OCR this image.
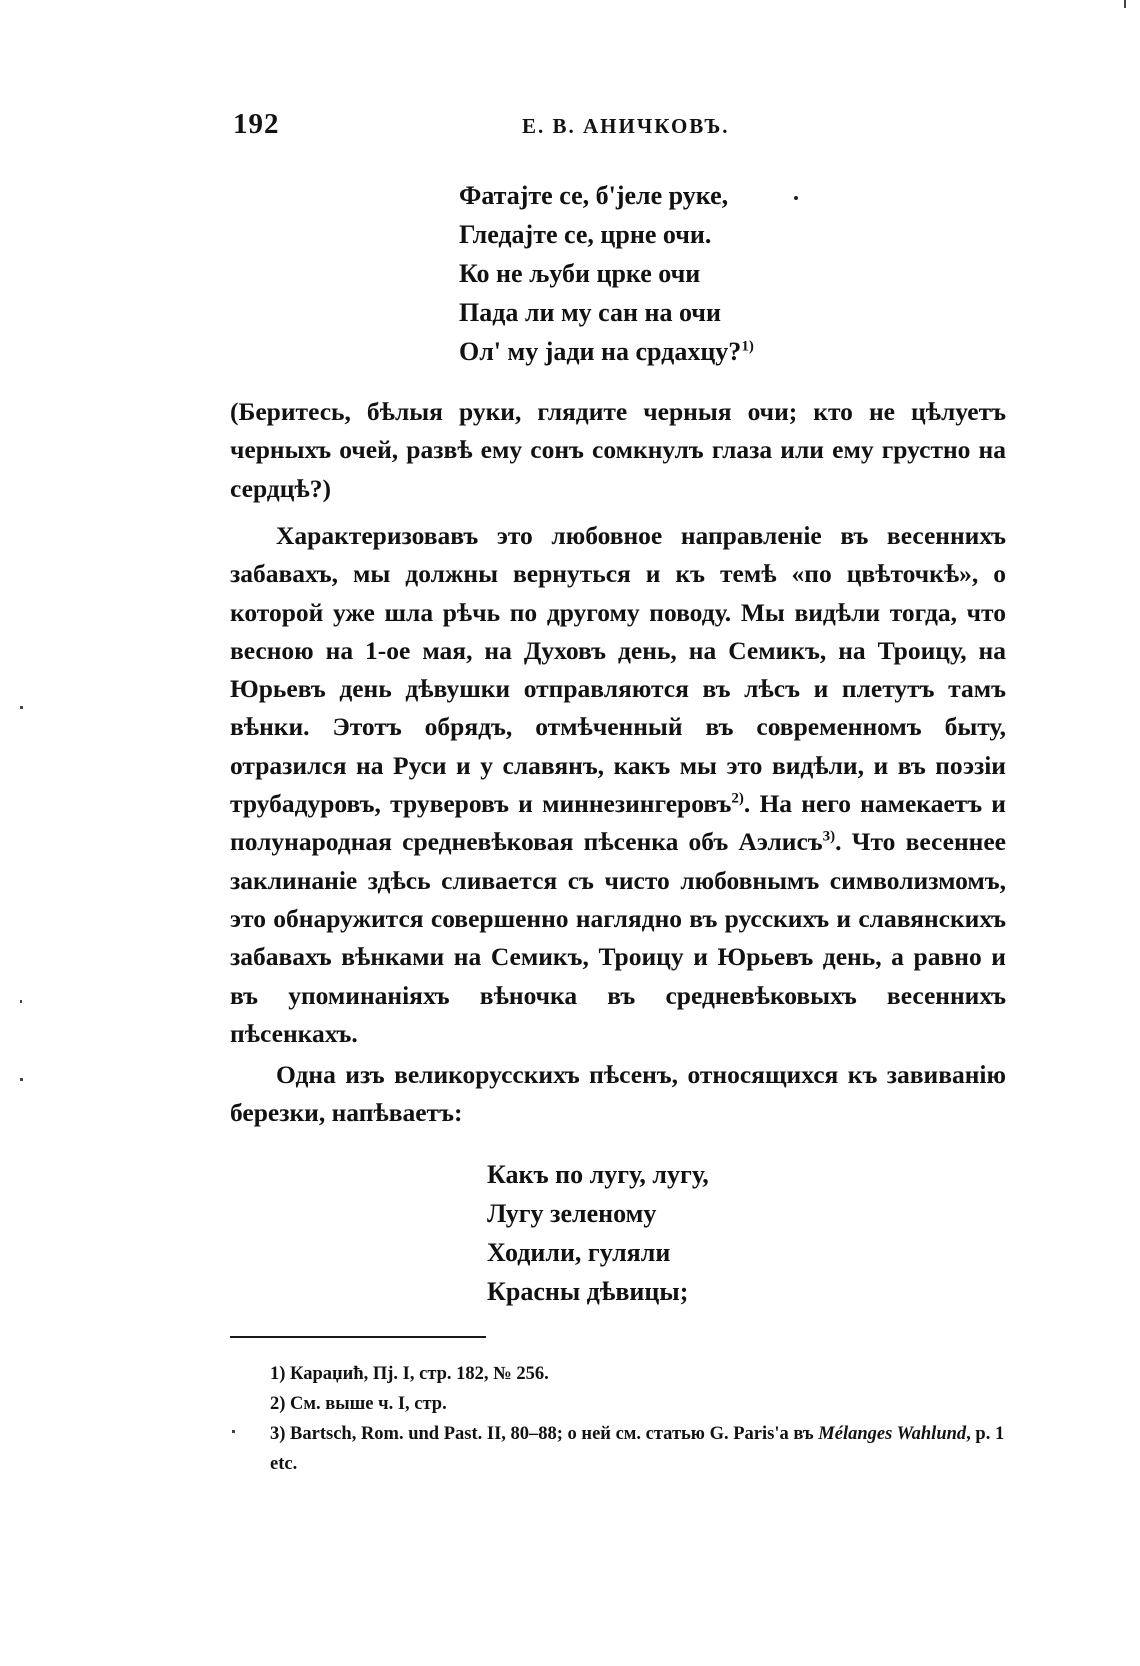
192	Е. В. АНИЧКОВЪ.
Фатајте се, б'јеле руке,
Гледајте се, црне очи.
Ко не љуби црке очи
Пада ли му сан на очи
Ол' му јади на срдахцу?$^{1)}$

(Беритесь, бѣлыя руки, глядите черныя очи; кто не цѣлуетъ черныхъ очей, развѣ ему сонъ сомкнулъ глаза или ему грустно на сердцѣ?)

Характеризовавъ это любовное направленіе въ весеннихъ забавахъ, мы должны вернуться и къ темѣ «по цвѣточкѣ», о которой уже шла рѣчь по другому поводу. Мы видѣли тогда, что весною на 1-ое мая, на Духовъ день, на Семикъ, на Троицу, на Юрьевъ день дѣвушки отправляются въ лѣсъ и плетутъ тамъ вѣнки. Этотъ обрядъ, отмѣченный въ современномъ быту, отразился на Руси и у славянъ, какъ мы это видѣли, и въ поэзіи трубадуровъ, труверовъ и миннезингеровъ$^{2)}$. На него намекаетъ и полународная средневѣковая пѣсенка объ Аэлисъ$^{3)}$. Что весеннее заклинаніе здѣсь сливается съ чисто любовнымъ символизмомъ, это обнаружится совершенно наглядно въ русскихъ и славянскихъ забавахъ вѣнками на Семикъ, Троицу и Юрьевъ день, а равно и въ упоминаніяхъ вѣночка въ средневѣковыхъ весеннихъ пѣсенкахъ.

Одна изъ великорусскихъ пѣсенъ, относящихся къ завиванію березки, напѣваетъ:

Какъ по лугу, лугу,
Лугу зеленому
Ходили, гуляли
Красны дѣвицы;
1) Караџић, Пј. I, стр. 182, № 256.
2) См. выше ч. I, стр.
3) Bartsch, Rom. und Past. II, 80–88; о ней см. статью G. Paris'а въ Mélanges Wahlund, p. 1 etc.
